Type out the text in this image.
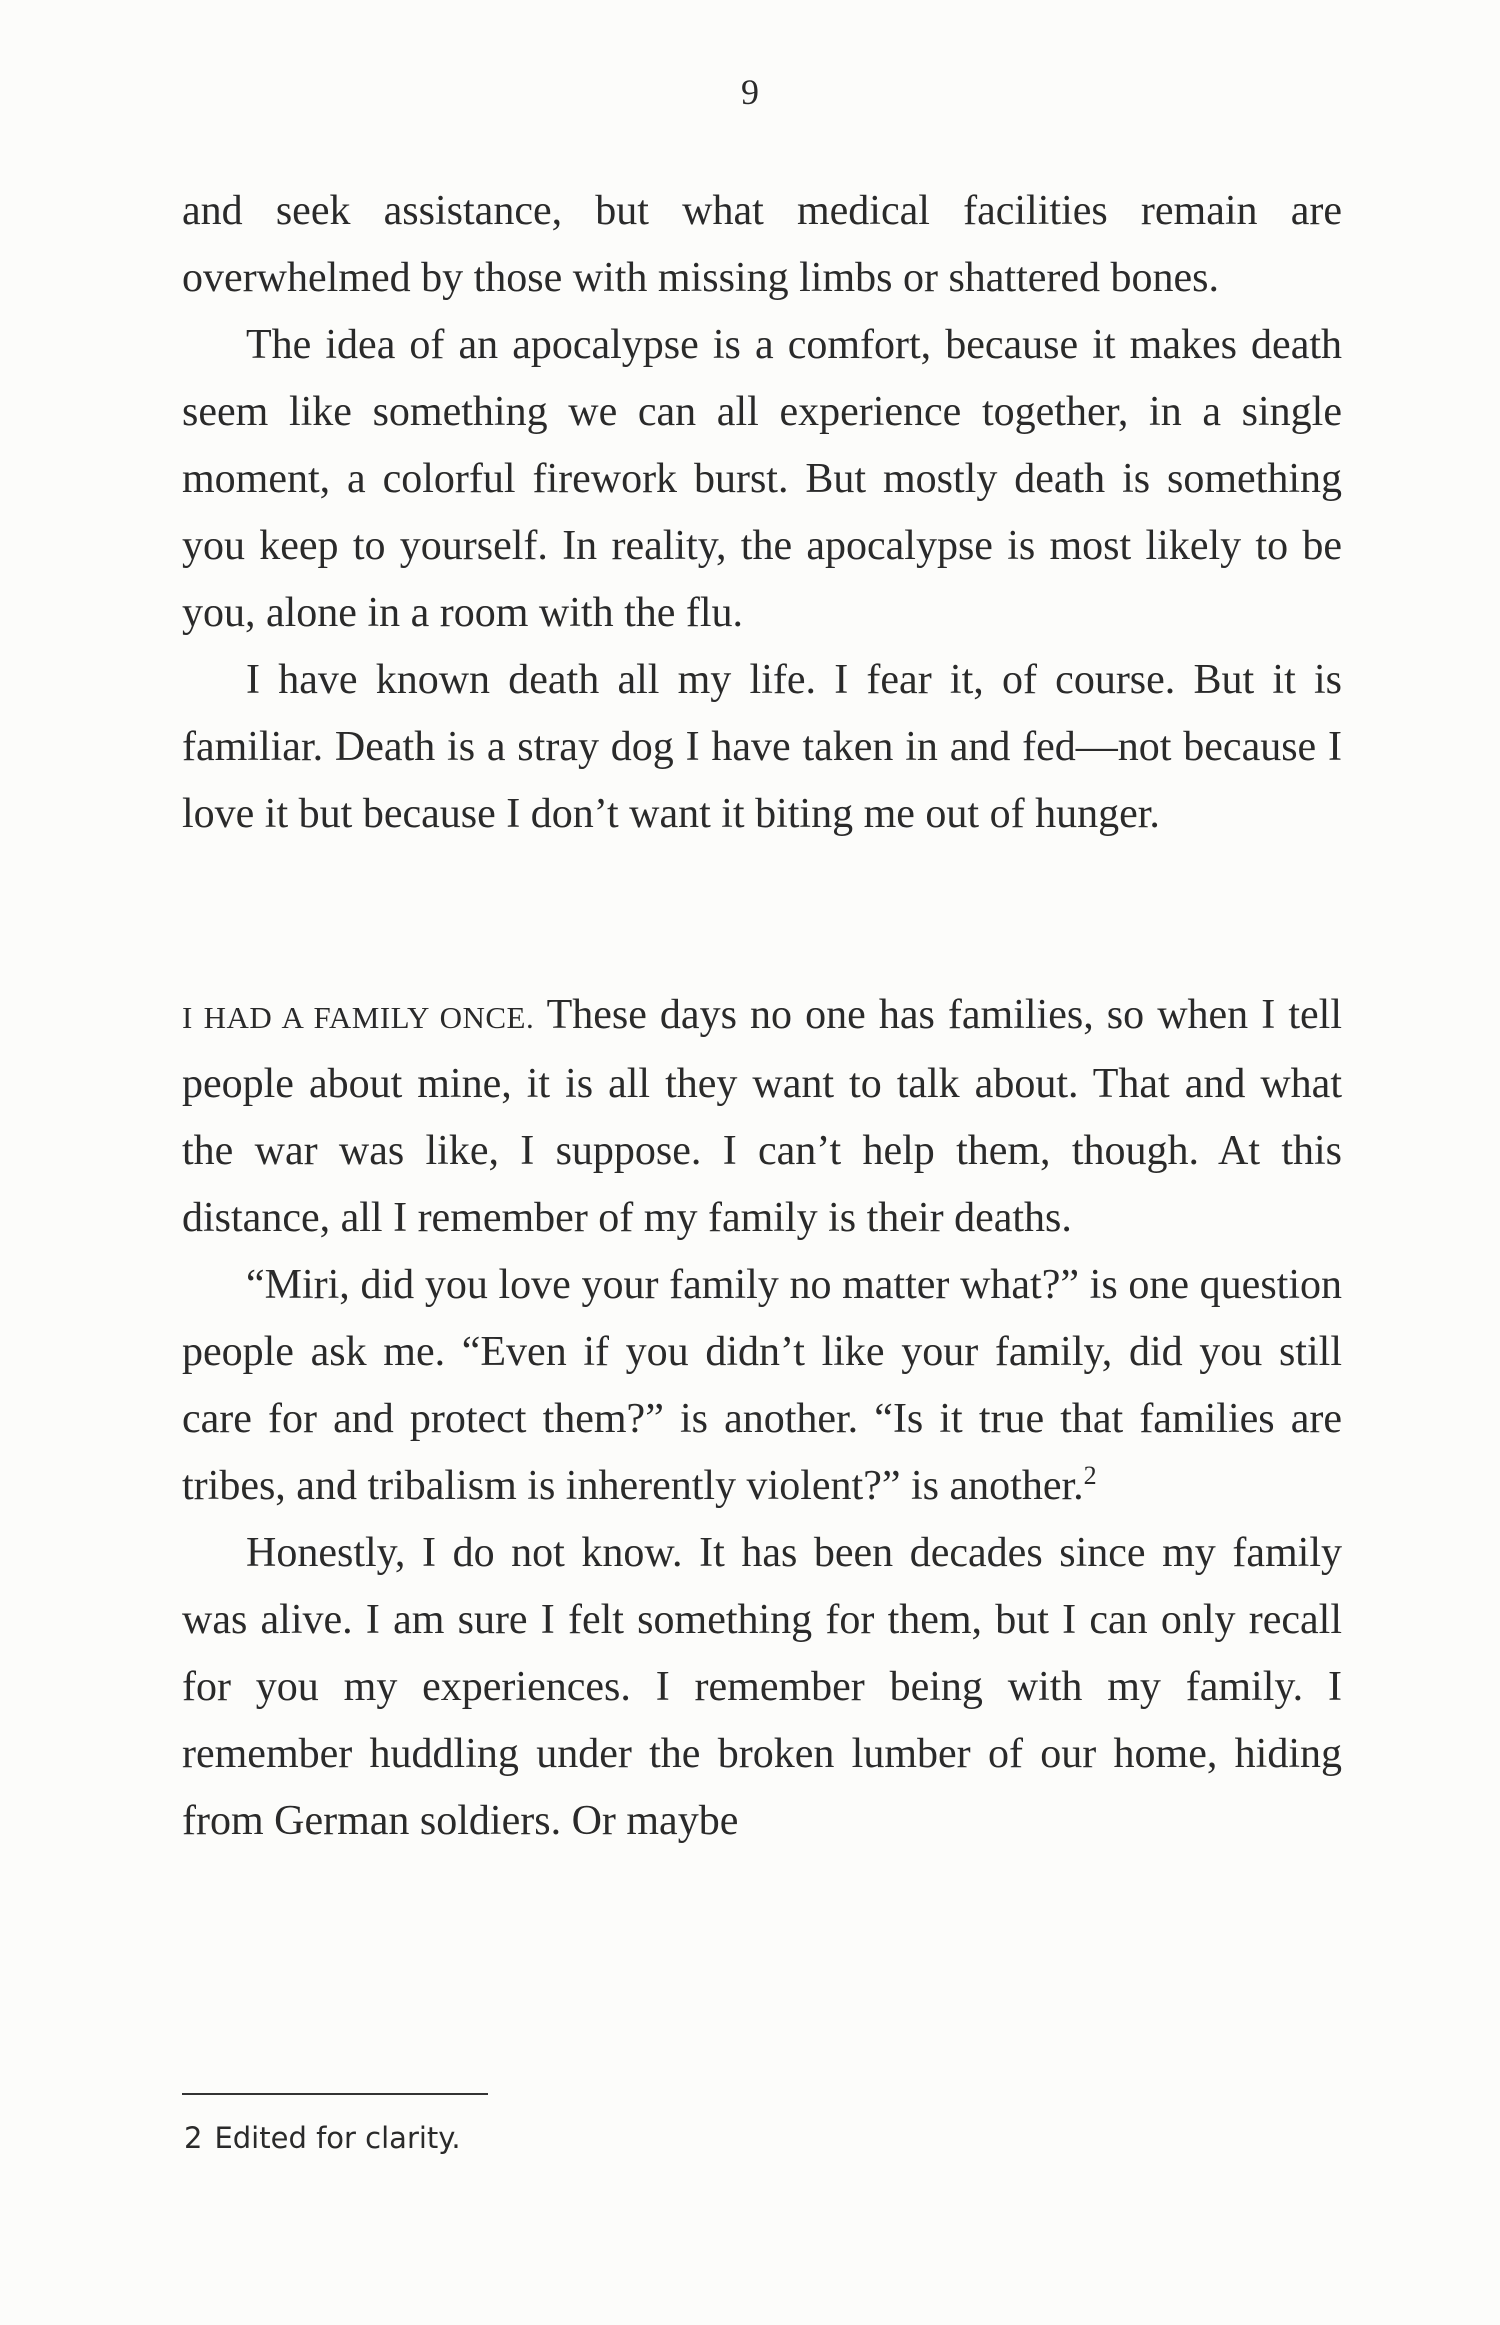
9

and seek assistance, but what medical facilities remain are overwhelmed by those with missing limbs or shattered bones.

The idea of an apocalypse is a comfort, because it makes death seem like something we can all experience together, in a single moment, a colorful firework burst. But mostly death is something you keep to yourself. In reality, the apocalypse is most likely to be you, alone in a room with the flu.

I have known death all my life. I fear it, of course. But it is familiar. Death is a stray dog I have taken in and fed—not because I love it but because I don’t want it biting me out of hunger.

I HAD A FAMILY ONCE. These days no one has families, so when I tell people about mine, it is all they want to talk about. That and what the war was like, I suppose. I can’t help them, though. At this distance, all I remember of my family is their deaths.

“Miri, did you love your family no matter what?” is one question people ask me. “Even if you didn’t like your family, did you still care for and protect them?” is another. “Is it true that families are tribes, and tribalism is inherently violent?” is another.$^2$

Honestly, I do not know. It has been decades since my family was alive. I am sure I felt something for them, but I can only recall for you my experiences. I remember being with my family. I remember huddling under the broken lumber of our home, hiding from German soldiers. Or maybe

2 Edited for clarity.
